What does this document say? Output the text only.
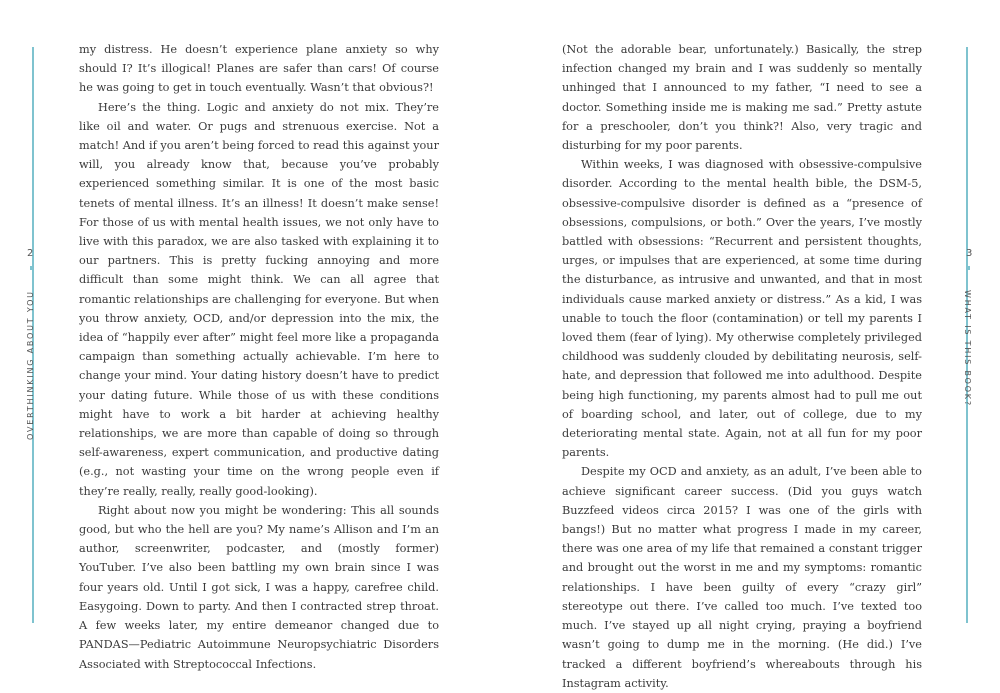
2
OVERTHINKING ABOUT YOU

my distress. He doesn’t experience plane anxiety so why should I? It’s illogical! Planes are safer than cars! Of course he was going to get in touch eventually. Wasn’t that obvious?!

Here’s the thing. Logic and anxiety do not mix. They’re like oil and water. Or pugs and strenuous exercise. Not a match! And if you aren’t being forced to read this against your will, you already know that, because you’ve probably experienced something similar. It is one of the most basic tenets of mental illness. It’s an illness! It doesn’t make sense! For those of us with mental health issues, we not only have to live with this paradox, we are also tasked with explaining it to our partners. This is pretty fucking annoying and more difficult than some might think. We can all agree that romantic relationships are challenging for everyone. But when you throw anxiety, OCD, and/or depression into the mix, the idea of “happily ever after” might feel more like a propaganda campaign than something actually achievable. I’m here to change your mind. Your dating history doesn’t have to predict your dating future. While those of us with these conditions might have to work a bit harder at achieving healthy relationships, we are more than capable of doing so through self-awareness, expert communication, and productive dating (e.g., not wasting your time on the wrong people even if they’re really, really, really good-looking).

Right about now you might be wondering: This all sounds good, but who the hell are you? My name’s Allison and I’m an author, screenwriter, podcaster, and (mostly former) YouTuber. I’ve also been battling my own brain since I was four years old. Until I got sick, I was a happy, carefree child. Easygoing. Down to party. And then I contracted strep throat. A few weeks later, my entire demeanor changed due to PANDAS—Pediatric Autoimmune Neuropsychiatric Disorders Associated with Streptococcal Infections.

3
WHAT IS THIS BOOK?

(Not the adorable bear, unfortunately.) Basically, the strep infection changed my brain and I was suddenly so mentally unhinged that I announced to my father, “I need to see a doctor. Something inside me is making me sad.” Pretty astute for a preschooler, don’t you think?! Also, very tragic and disturbing for my poor parents.

Within weeks, I was diagnosed with obsessive-compulsive disorder. According to the mental health bible, the DSM-5, obsessive-compulsive disorder is defined as a “presence of obsessions, compulsions, or both.” Over the years, I’ve mostly battled with obsessions: “Recurrent and persistent thoughts, urges, or impulses that are experienced, at some time during the disturbance, as intrusive and unwanted, and that in most individuals cause marked anxiety or distress.” As a kid, I was unable to touch the floor (contamination) or tell my parents I loved them (fear of lying). My otherwise completely privileged childhood was suddenly clouded by debilitating neurosis, self-hate, and depression that followed me into adulthood. Despite being high functioning, my parents almost had to pull me out of boarding school, and later, out of college, due to my deteriorating mental state. Again, not at all fun for my poor parents.

Despite my OCD and anxiety, as an adult, I’ve been able to achieve significant career success. (Did you guys watch Buzzfeed videos circa 2015? I was one of the girls with bangs!) But no matter what progress I made in my career, there was one area of my life that remained a constant trigger and brought out the worst in me and my symptoms: romantic relationships. I have been guilty of every “crazy girl” stereotype out there. I’ve called too much. I’ve texted too much. I’ve stayed up all night crying, praying a boyfriend wasn’t going to dump me in the morning. (He did.) I’ve tracked a different boyfriend’s whereabouts through his Instagram activity.
